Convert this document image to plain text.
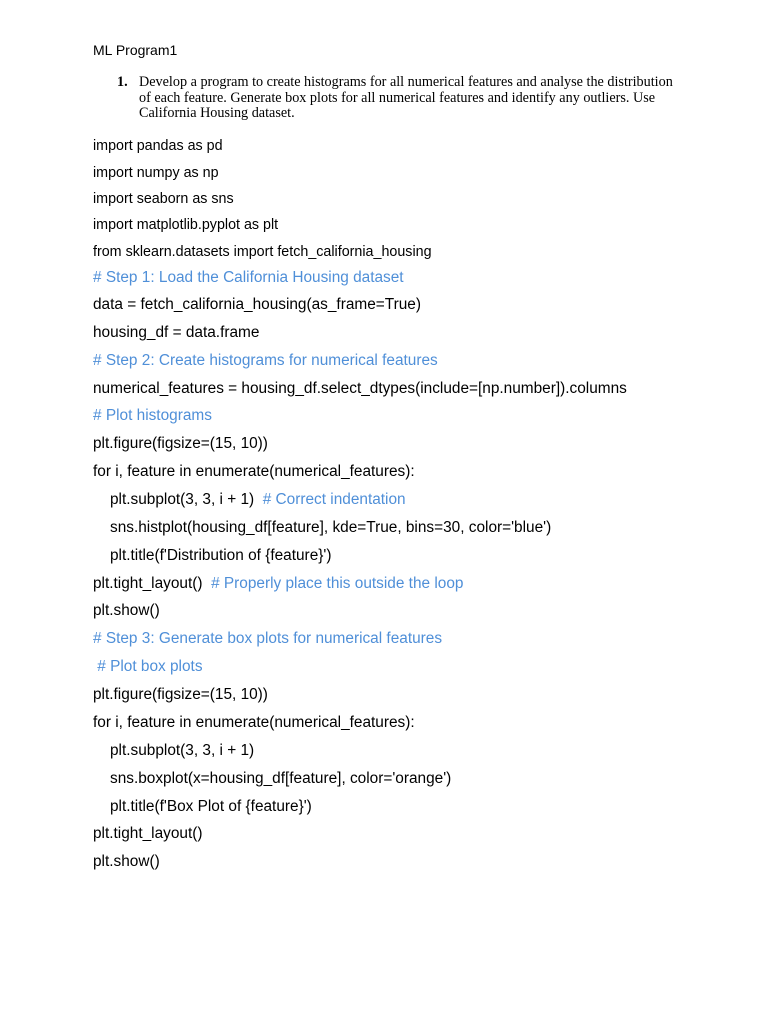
ML Program1
1. Develop a program to create histograms for all numerical features and analyse the distribution of each feature. Generate box plots for all numerical features and identify any outliers. Use California Housing dataset.
import pandas as pd
import numpy as np
import seaborn as sns
import matplotlib.pyplot as plt
from sklearn.datasets import fetch_california_housing
# Step 1: Load the California Housing dataset
data = fetch_california_housing(as_frame=True)
housing_df = data.frame
# Step 2: Create histograms for numerical features
numerical_features = housing_df.select_dtypes(include=[np.number]).columns
# Plot histograms
plt.figure(figsize=(15, 10))
for i, feature in enumerate(numerical_features):
plt.subplot(3, 3, i + 1)  # Correct indentation
sns.histplot(housing_df[feature], kde=True, bins=30, color='blue')
plt.title(f'Distribution of {feature}')
plt.tight_layout()  # Properly place this outside the loop
plt.show()
# Step 3: Generate box plots for numerical features
# Plot box plots
plt.figure(figsize=(15, 10))
for i, feature in enumerate(numerical_features):
plt.subplot(3, 3, i + 1)
sns.boxplot(x=housing_df[feature], color='orange')
plt.title(f'Box Plot of {feature}')
plt.tight_layout()
plt.show()
